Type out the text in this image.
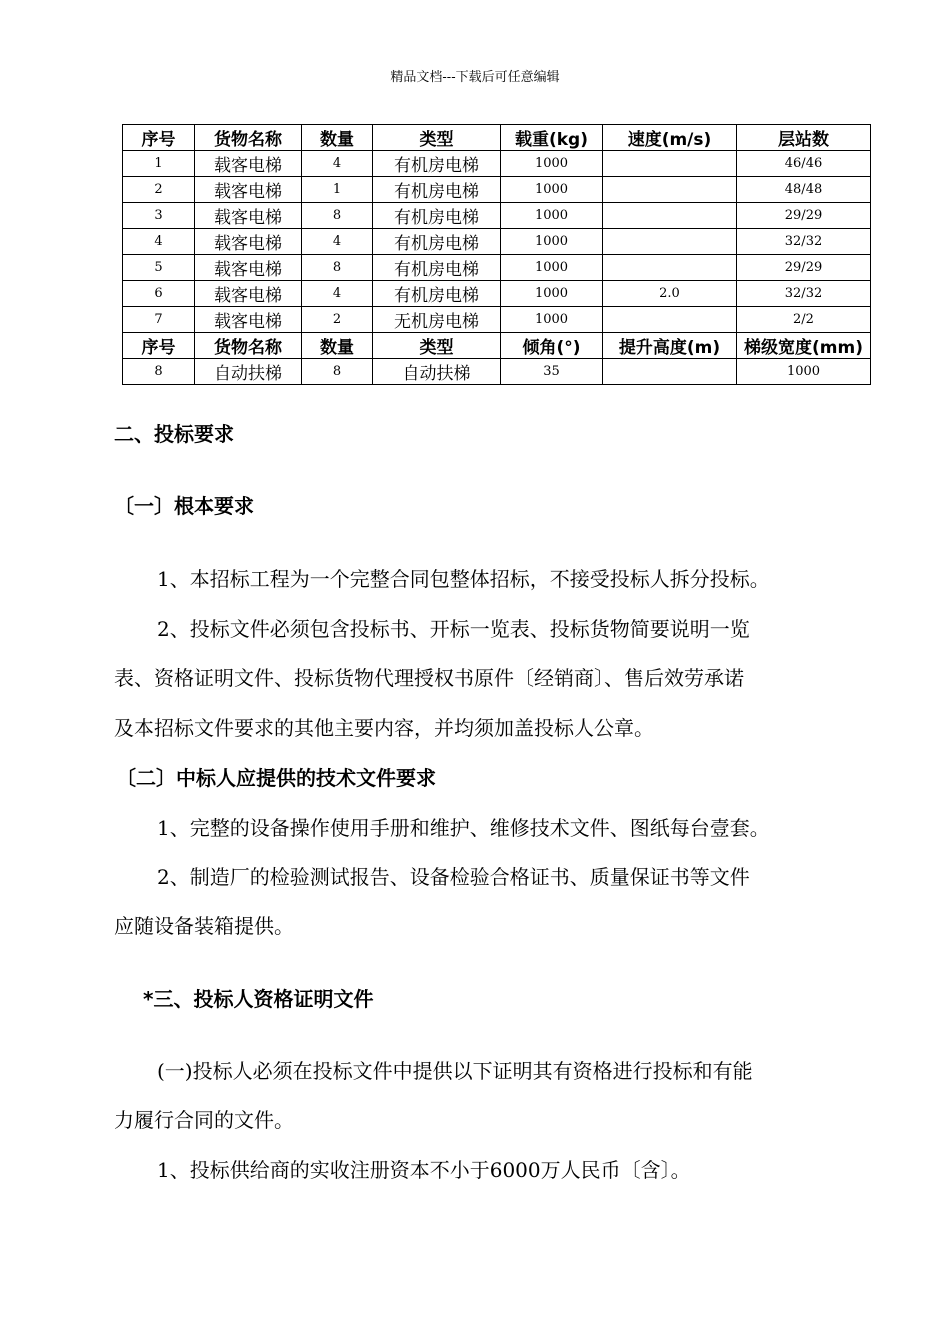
精品文档---下载后可任意编辑
序号	货物名称	数量	类型	载重(kg)	速度(m/s)	层站数
1	载客电梯	4	有机房电梯	1000		46/46
2	载客电梯	1	有机房电梯	1000		48/48
3	载客电梯	8	有机房电梯	1000		29/29
4	载客电梯	4	有机房电梯	1000		32/32
5	载客电梯	8	有机房电梯	1000		29/29
6	载客电梯	4	有机房电梯	1000	2.0	32/32
7	载客电梯	2	无机房电梯	1000		2/2
序号	货物名称	数量	类型	倾角(°)	提升高度(m)	梯级宽度(mm)
8	自动扶梯	8	自动扶梯	35		1000
二、投标要求
〔一〕根本要求
1、本招标工程为一个完整合同包整体招标，不接受投标人拆分投标。
2、投标文件必须包含投标书、开标一览表、投标货物简要说明一览
表、资格证明文件、投标货物代理授权书原件〔经销商〕、售后效劳承诺
及本招标文件要求的其他主要内容，并均须加盖投标人公章。
〔二〕中标人应提供的技术文件要求
1、完整的设备操作使用手册和维护、维修技术文件、图纸每台壹套。
2、制造厂的检验测试报告、设备检验合格证书、质量保证书等文件
应随设备装箱提供。
*三、投标人资格证明文件
(一)投标人必须在投标文件中提供以下证明其有资格进行投标和有能
力履行合同的文件。
1、投标供给商的实收注册资本不小于6000万人民币〔含〕。
